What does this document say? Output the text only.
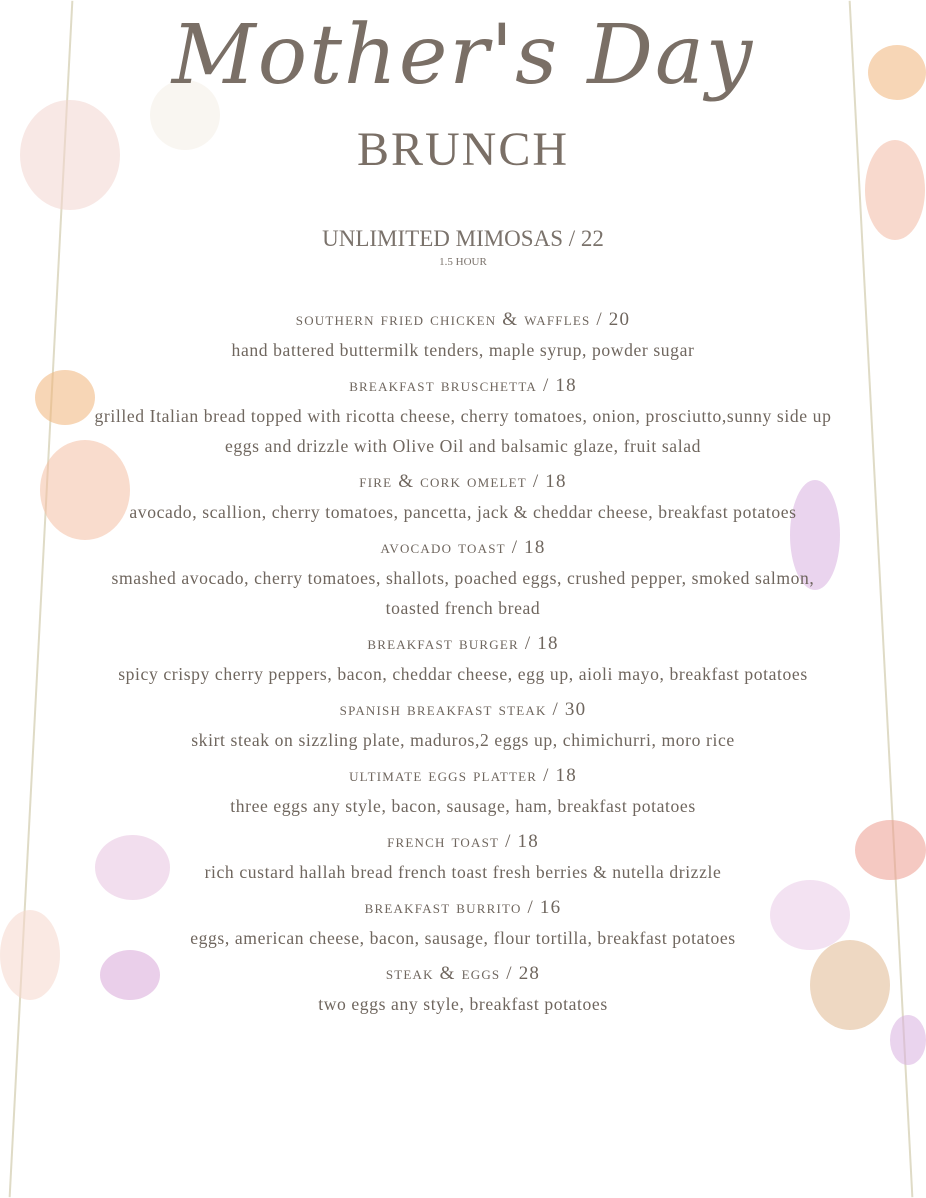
Mother's Day
BRUNCH
UNLIMITED MIMOSAS / 22
1.5 HOUR
southern fried chicken & waffles / 20
hand battered buttermilk tenders, maple syrup, powder sugar
breakfast bruschetta / 18
grilled Italian bread topped with ricotta cheese, cherry tomatoes, onion, prosciutto,sunny side up eggs and drizzle with Olive Oil and balsamic glaze, fruit salad
fire & cork omelet / 18
avocado, scallion, cherry tomatoes, pancetta, jack & cheddar cheese, breakfast potatoes
avocado toast / 18
smashed avocado, cherry tomatoes, shallots, poached eggs, crushed pepper, smoked salmon, toasted french bread
breakfast burger / 18
spicy crispy cherry peppers, bacon, cheddar cheese, egg up, aioli mayo, breakfast potatoes
spanish breakfast steak / 30
skirt steak on sizzling plate, maduros,2 eggs up, chimichurri, moro rice
ultimate eggs platter / 18
three eggs any style, bacon, sausage, ham, breakfast potatoes
french toast / 18
rich custard hallah bread french toast fresh berries & nutella drizzle
breakfast burrito / 16
eggs, american cheese, bacon, sausage, flour tortilla, breakfast potatoes
steak & eggs / 28
two eggs any style, breakfast potatoes
